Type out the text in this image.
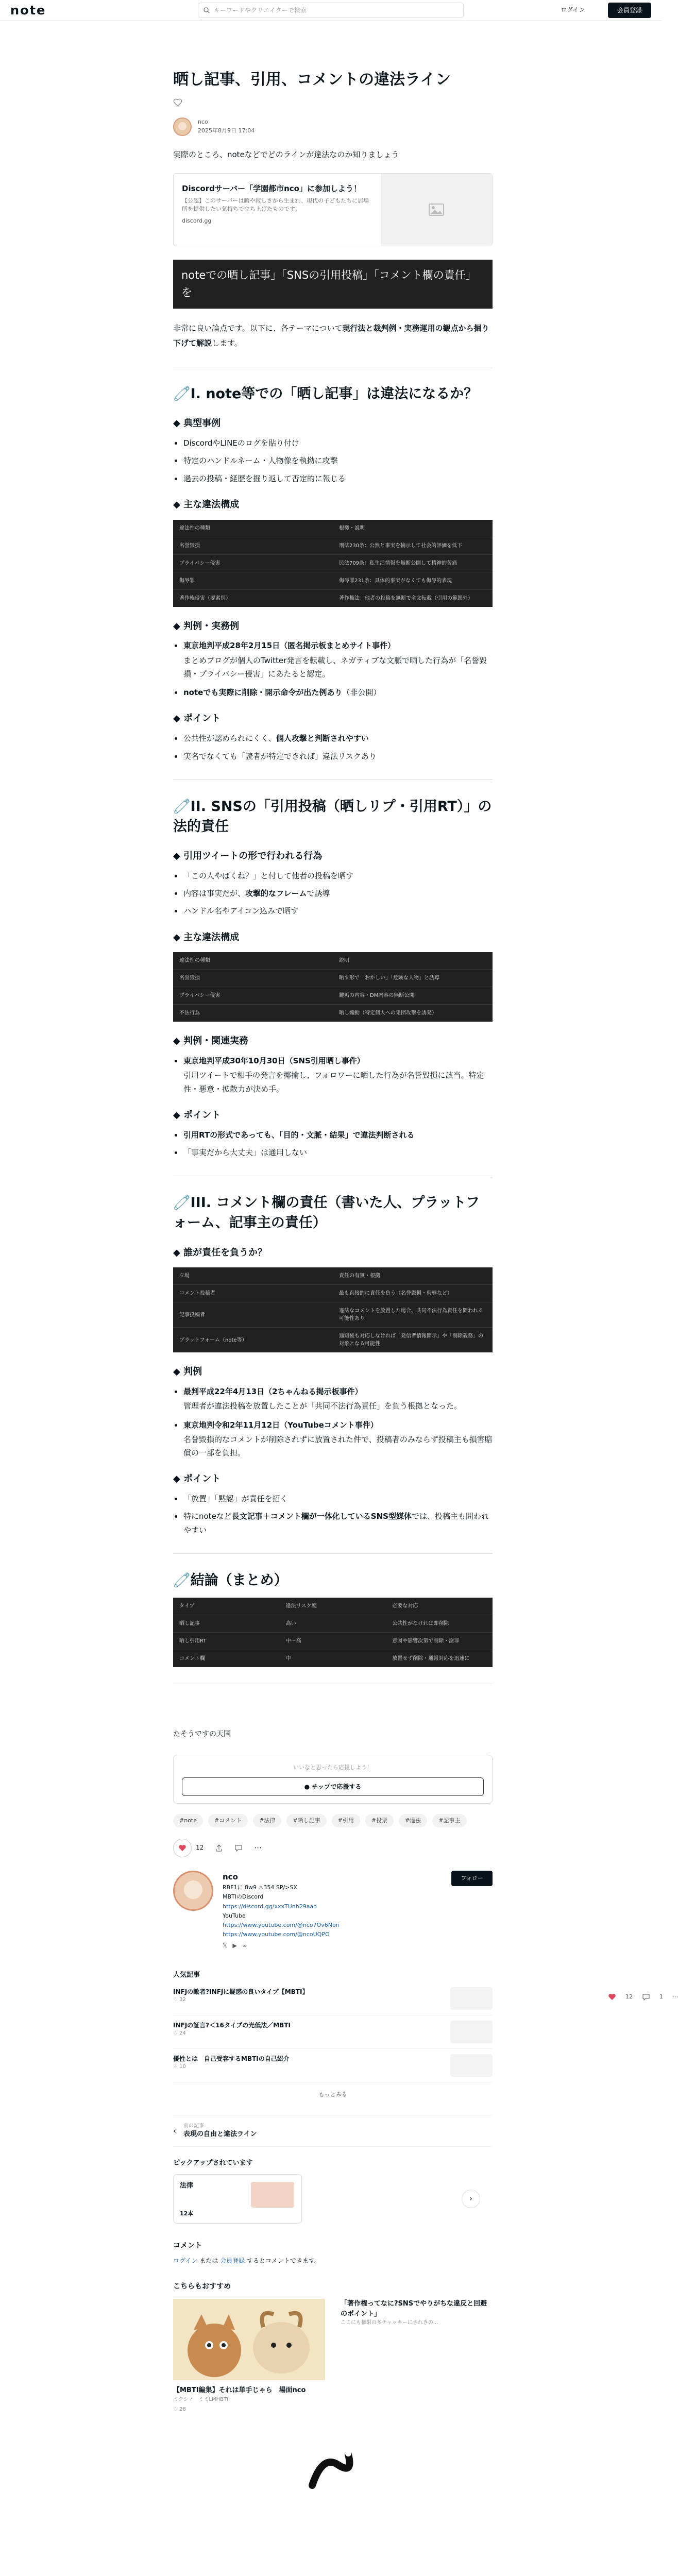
note	キーワードやクリエイターで検索	ログイン	会員登録
12	1 ⋯
晒し記事、引用、コメントの違法ライン
nco
2025年8月9日 17:04

実際のところ、noteなどでどのラインが違法なのか知りましょう

Discordサーバー「学園都市nco」に参加しよう！
【公認】このサーバーは暇や寂しさから生まれ、現代の子どもたちに居場所を提供したい気持ちで立ち上げたものです。
discord.gg
noteでの晒し記事」「SNSの引用投稿」「コメント欄の責任」を

非常に良い論点です。以下に、各テーマについて現行法と裁判例・実務運用の観点から掘り下げて解説します。

🧷I. note等での「晒し記事」は違法になるか？
◆ 典型事例
DiscordやLINEのログを貼り付け
特定のハンドルネーム・人物像を執拗に攻撃
過去の投稿・経歴を掘り返して否定的に報じる
◆ 主な違法構成
違法性の種類	根拠・説明
名誉毀損	刑法230条：公然と事実を摘示して社会的評価を低下
プライバシー侵害	民法709条：私生活情報を無断公開して精神的苦痛
侮辱罪	侮辱罪231条：具体的事実がなくても侮辱的表現
著作権侵害（要素別）	著作権法：他者の投稿を無断で全文転載（引用の範囲外）
◆ 判例・実務例
東京地判平成28年2月15日（匿名掲示板まとめサイト事件）
まとめブログが個人のTwitter発言を転載し、ネガティブな文脈で晒した行為が「名誉毀損・プライバシー侵害」にあたると認定。
noteでも実際に削除・開示命令が出た例あり（非公開）
◆ ポイント
公共性が認められにくく、個人攻撃と判断されやすい
実名でなくても「読者が特定できれば」違法リスクあり
🧷II. SNSの「引用投稿（晒しリプ・引用RT）」の法的責任
◆ 引用ツイートの形で行われる行為
「この人やばくね？」と付して他者の投稿を晒す
内容は事実だが、攻撃的なフレームで誘導
ハンドル名やアイコン込みで晒す
◆ 主な違法構成
違法性の種類	説明
名誉毀損	晒す形で「おかしい」「危険な人物」と誘導
プライバシー侵害	鍵垢の内容・DM内容の無断公開
不法行為	晒し煽動（特定個人への集団攻撃を誘発）
◆ 判例・関連実務
東京地判平成30年10月30日（SNS引用晒し事件）
引用ツイートで相手の発言を揶揄し、フォロワーに晒した行為が名誉毀損に該当。特定性・悪意・拡散力が決め手。
◆ ポイント
引用RTの形式であっても、「目的・文脈・結果」で違法判断される
「事実だから大丈夫」は通用しない
🧷III. コメント欄の責任（書いた人、プラットフォーム、記事主の責任）
◆ 誰が責任を負うか？
立場	責任の有無・根拠
コメント投稿者	最も直接的に責任を負う（名誉毀損・侮辱など）
記事投稿者	違法なコメントを放置した場合、共同不法行為責任を問われる可能性あり
プラットフォーム（note等）	通知後も対応しなければ「発信者情報開示」や「削除義務」の対象となる可能性
◆ 判例
最判平成22年4月13日（2ちゃんねる掲示板事件）
管理者が違法投稿を放置したことが「共同不法行為責任」を負う根拠となった。
東京地判令和2年11月12日（YouTubeコメント事件）
名誉毀損的なコメントが削除されずに放置された件で、投稿者のみならず投稿主も損害賠償の一部を負担。
◆ ポイント
「放置」「黙認」が責任を招く
特にnoteなど長文記事＋コメント欄が一体化しているSNS型媒体では、投稿主も問われやすい
🧷結論（まとめ）
タイプ	違法リスク度	必要な対応
晒し記事	高い	公共性がなければ即削除
晒し引用RT	中〜高	意図や影響次第で削除・謝罪
コメント欄	中	放置せず削除・通報対応を迅速に
たそうですの天国
いいなと思ったら応援しよう！
● チップで応援する
#note	#コメント	#法律	#晒し記事	#引用	#投票	#違法	#記事主
12	⋯
nco
RBF1に 8w9 ♨354 SP/>SX
MBTIのDiscord
https://discord.gg/xxxTUnh29aao
YouTube
https://www.youtube.com/@nco7Ov6Non
https://www.youtube.com/@ncoUQPO
𝕏 ▶ ∞
フォロー
人気記事
INFJの敵者?INFJに疑惑の良いタイプ【MBTI】
♡ 32
INFJの証言?＜16タイプの光低法／MBTI
♡ 24
優性とは　自己受容するMBTIの自己紹介
♡ 10
もっとみる
‹
前の記事
表現の自由と違法ライン
ピックアップされています
法律
12本
›
コメント
ログイン または 会員登録 するとコメントできます。
こちらもおすすめ
【MBTI編集】それは単手じゃら　場面nco
ミクシィ　ミミLMHBTI
♡ 28
「著作権ってなに?SNSでやりがちな違反と回避のポイント」
ここにも権限の多チャッキーにされきの…
